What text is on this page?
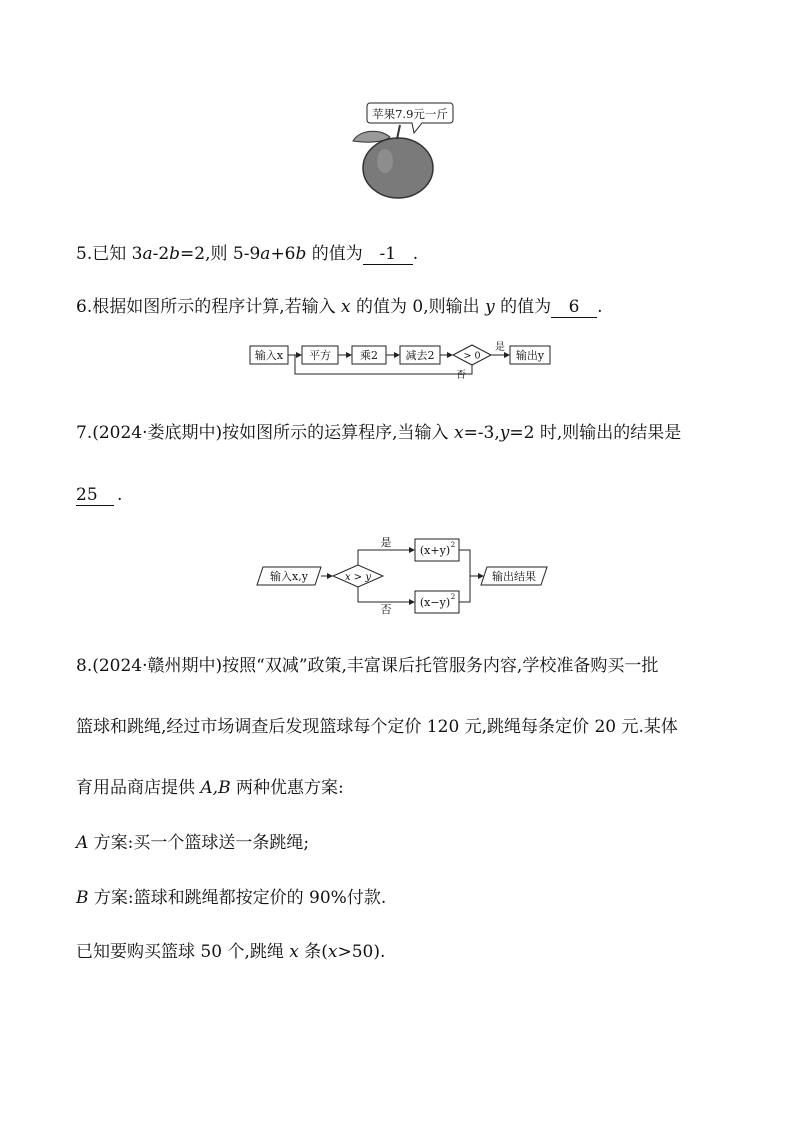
苹果7.9元一斤
5.已知 3a-2b=2,则 5-9a+6b 的值为 -1 .
6.根据如图所示的程序计算,若输入 x 的值为 0,则输出 y 的值为 6 .
输入x 平方	乘2	减去2	> 0
是
否
输出y
7.(2024·娄底期中)按如图所示的运算程序,当输入 x=-3,y=2 时,则输出的结果是
25 .
输入x,y	x > y
是
否
(x+y) 2
(x−y) 2
输出结果
8.(2024·赣州期中)按照“双减”政策,丰富课后托管服务内容,学校准备购买一批
篮球和跳绳,经过市场调查后发现篮球每个定价 120 元,跳绳每条定价 20 元.某体
育用品商店提供 A,B 两种优惠方案:
A 方案:买一个篮球送一条跳绳;
B 方案:篮球和跳绳都按定价的 90%付款.
已知要购买篮球 50 个,跳绳 x 条(x>50).
